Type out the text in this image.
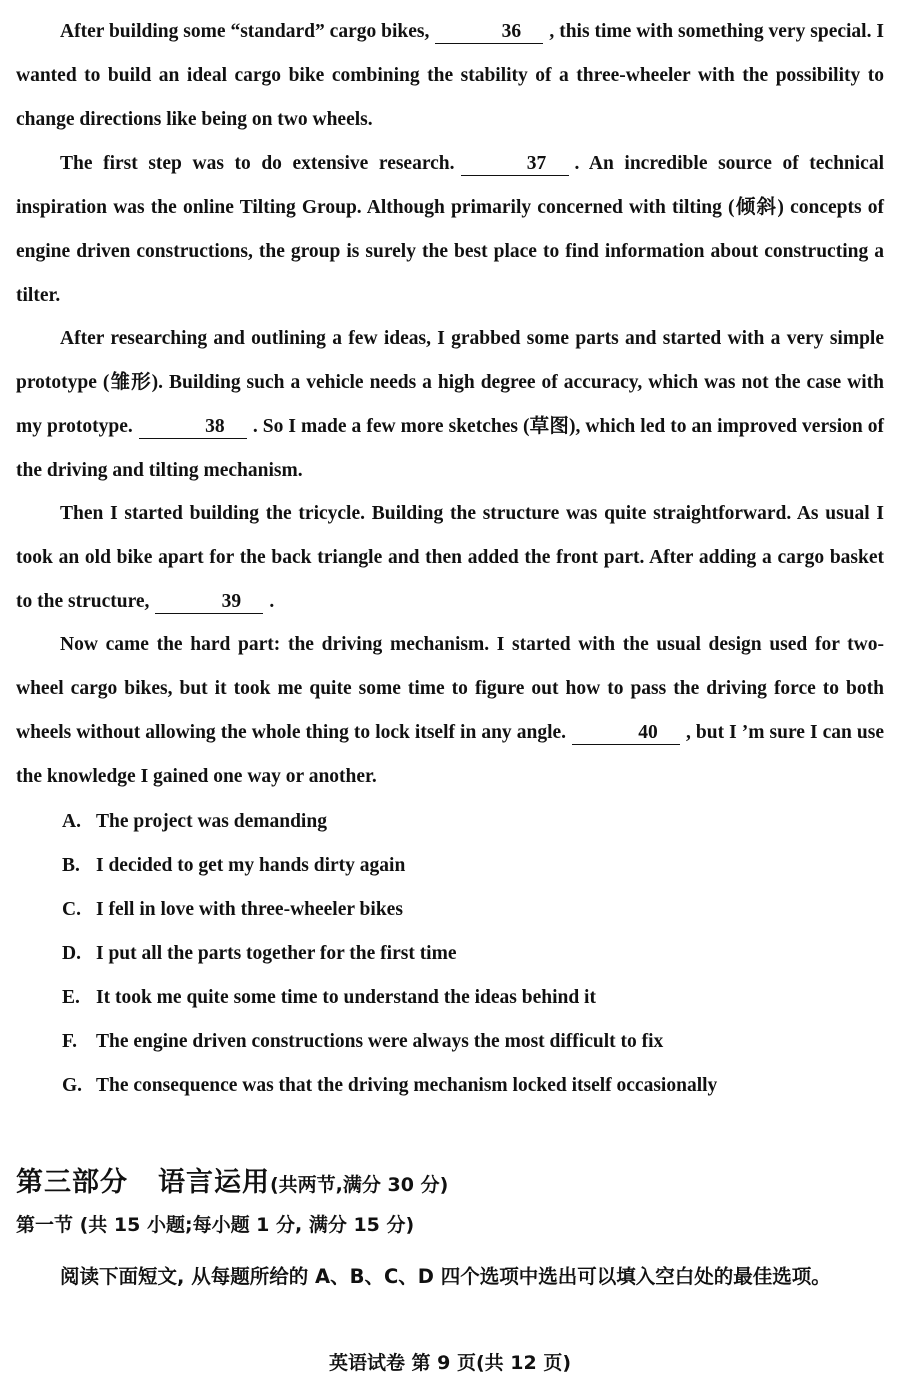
After building some “standard” cargo bikes,	36 , this time with something very special. I wanted to build an ideal cargo bike combining the stability of a three-wheeler with the possibility to change directions like being on two wheels.
The first step was to do extensive research.	37 . An incredible source of technical inspiration was the online Tilting Group. Although primarily concerned with tilting (倾斜) concepts of engine driven constructions, the group is surely the best place to find information about constructing a tilter.
After researching and outlining a few ideas, I grabbed some parts and started with a very simple prototype (雏形). Building such a vehicle needs a high degree of accuracy, which was not the case with my prototype.	38 . So I made a few more sketches (草图), which led to an improved version of the driving and tilting mechanism.
Then I started building the tricycle. Building the structure was quite straightforward. As usual I took an old bike apart for the back triangle and then added the front part. After adding a cargo basket to the structure,	39 .
Now came the hard part: the driving mechanism. I started with the usual design used for two-wheel cargo bikes, but it took me quite some time to figure out how to pass the driving force to both wheels without allowing the whole thing to lock itself in any angle.	40 , but I ’m sure I can use the knowledge I gained one way or another.
A. The project was demanding
B. I decided to get my hands dirty again
C. I fell in love with three-wheeler bikes
D. I put all the parts together for the first time
E. It took me quite some time to understand the ideas behind it
F. The engine driven constructions were always the most difficult to fix
G. The consequence was that the driving mechanism locked itself occasionally
第三部分 语言运用(共两节,满分 30 分)
第一节 (共 15 小题;每小题 1 分, 满分 15 分)
阅读下面短文, 从每题所给的 A、B、C、D 四个选项中选出可以填入空白处的最佳选项。
英语试卷 第 9 页(共 12 页)
